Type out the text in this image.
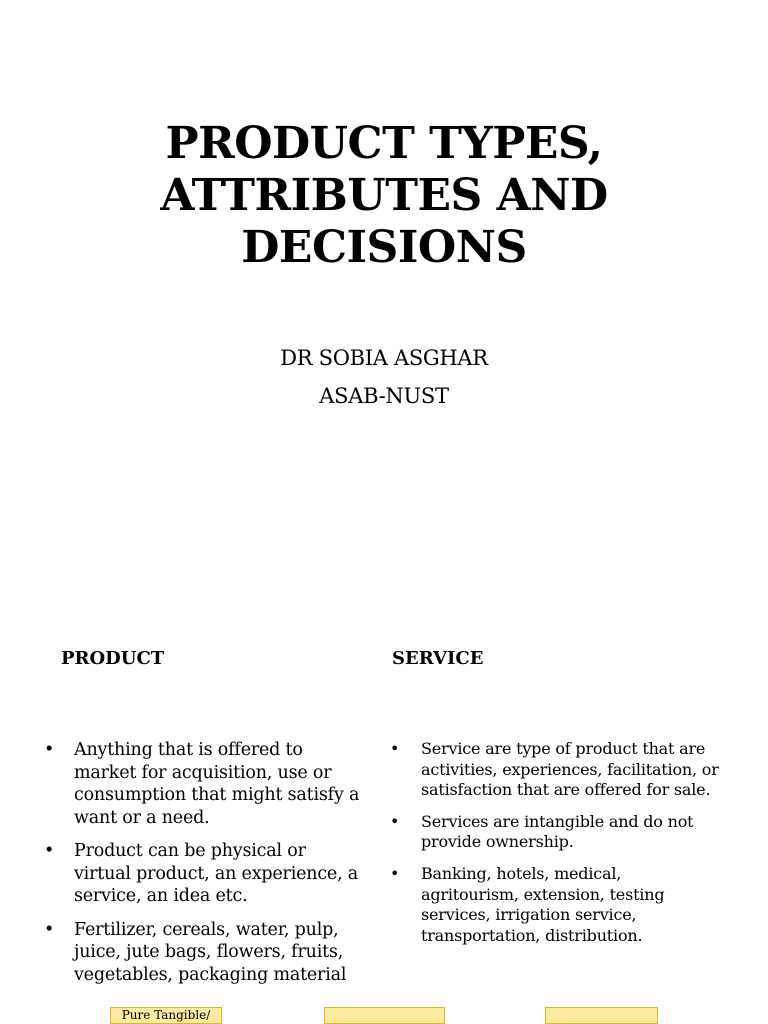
PRODUCT TYPES,
ATTRIBUTES AND
DECISIONS
DR SOBIA ASGHAR
ASAB-NUST
PRODUCT	SERVICE
• Anything that is offered to market for acquisition, use or consumption that might satisfy a want or a need.
• Product can be physical or virtual product, an experience, a service, an idea etc.
• Fertilizer, cereals, water, pulp, juice, jute bags, flowers, fruits, vegetables, packaging material
• Service are type of product that are activities, experiences, facilitation, or satisfaction that are offered for sale.
• Services are intangible and do not provide ownership.
• Banking, hotels, medical, agritourism, extension, testing services, irrigation service, transportation, distribution.
Pure Tangible/
